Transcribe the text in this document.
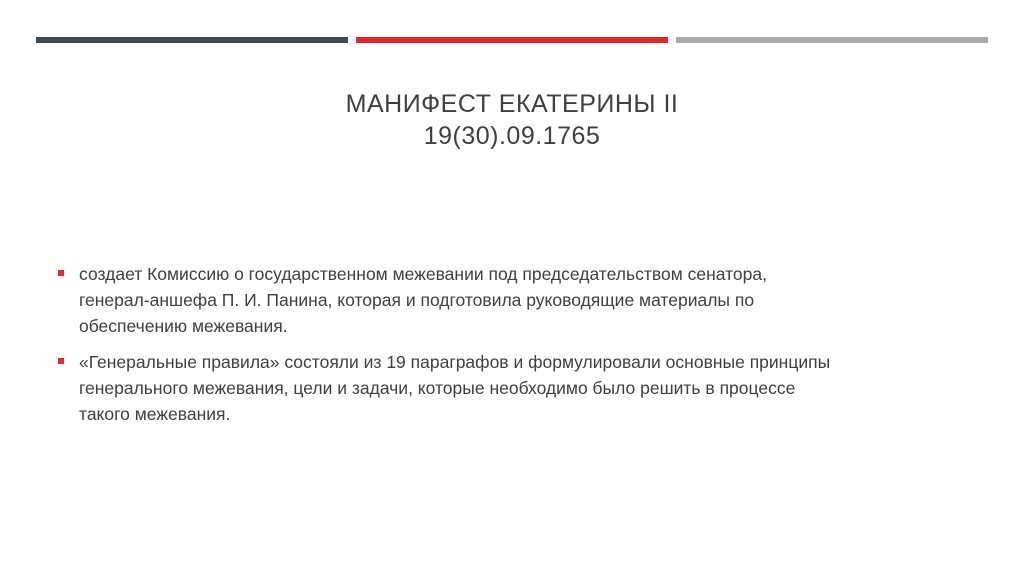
МАНИФЕСТ ЕКАТЕРИНЫ II
19(30).09.1765
создает Комиссию о государственном межевании под председательством сенатора,
генерал-аншефа П. И. Панина, которая и подготовила руководящие материалы по
обеспечению межевания.
«Генеральные правила» состояли из 19 параграфов и формулировали основные принципы
генерального межевания, цели и задачи, которые необходимо было решить в процессе
такого межевания.
